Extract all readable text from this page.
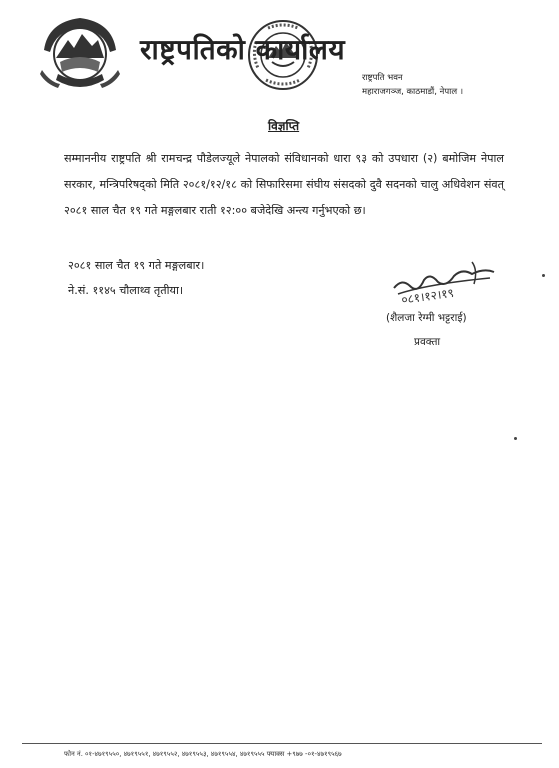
राष्ट्रपतिको कार्यालय
राष्ट्रपति भवन
महाराजगञ्ज, काठमाडौं, नेपाल ।
विज्ञप्ति
सम्माननीय राष्ट्रपति श्री रामचन्द्र पौडेलज्यूले नेपालको संविधानको धारा ९३ को उपधारा (२) बमोजिम नेपाल सरकार, मन्त्रिपरिषद्को मिति २०८१/१२/१८ को सिफारिसमा संघीय संसदको दुवै सदनको चालु अधिवेशन संवत् २०८१ साल चैत १९ गते मङ्गलबार राती १२:०० बजेदेखि अन्त्य गर्नुभएको छ।
२०८१ साल चैत १९ गते मङ्गलबार।
ने.सं. ११४५ चौलाथ्व तृतीया।	०८१।१२।१९
(शैलजा रेग्मी भट्टराई)
प्रवक्ता
फोन नं. ०१-४७१९५५०, ४७१९५५१, ४७१९५५२, ४७१९५५३, ४७१९५५४, ४७१९५५५ फ्याक्स +९७७ -०१-४७१९५६७
